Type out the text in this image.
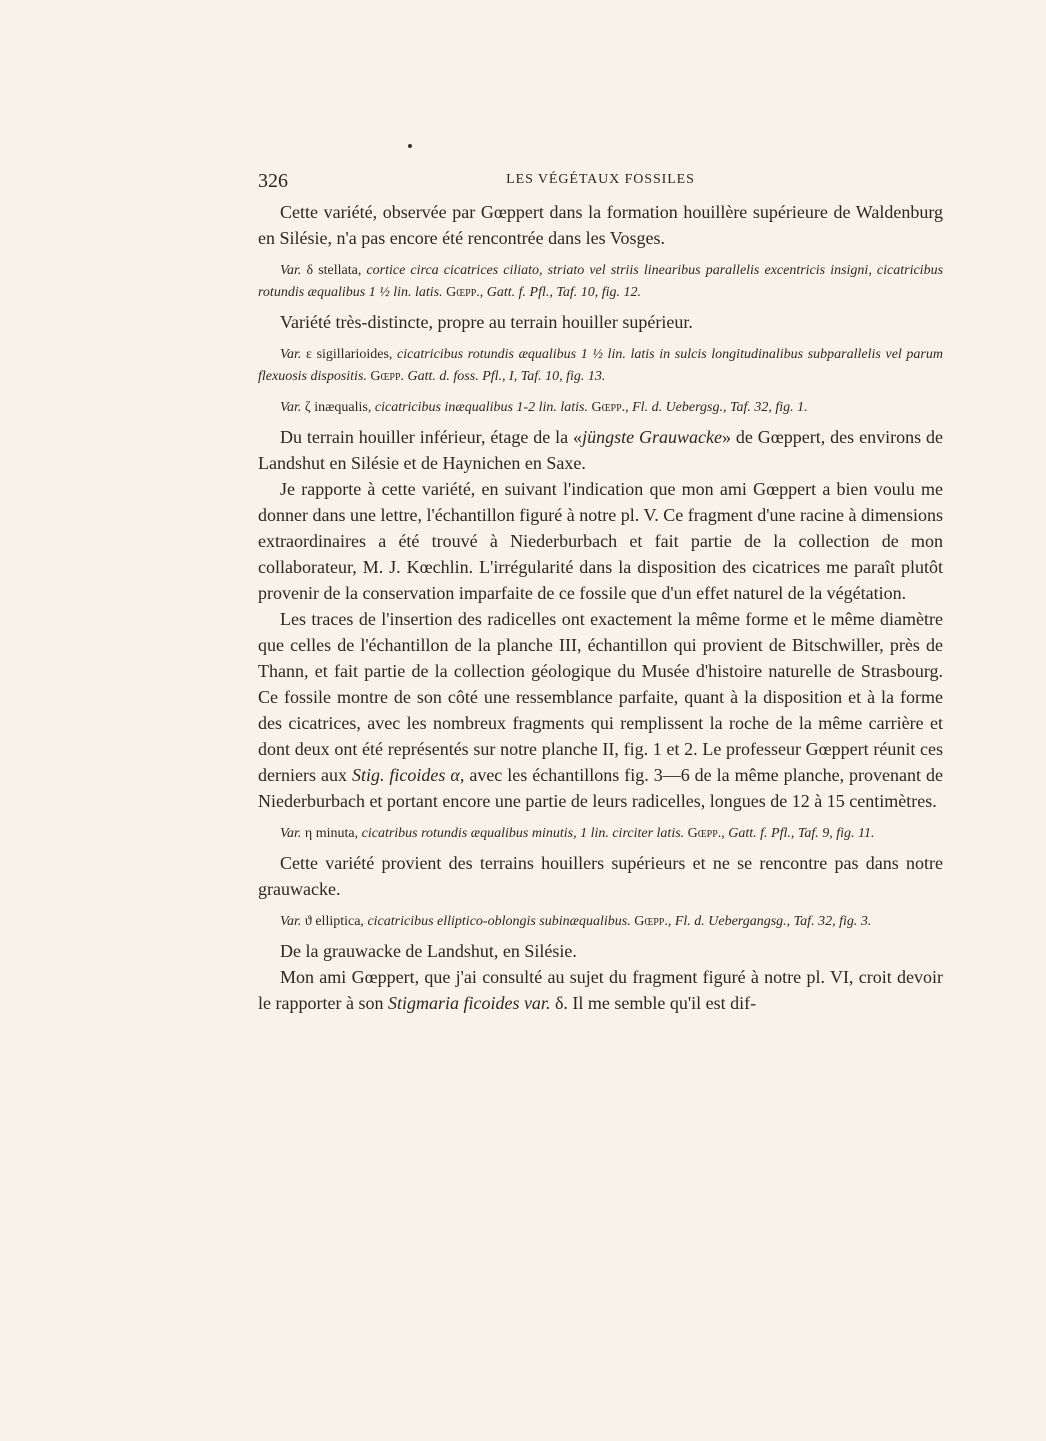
326	LES VÉGÉTAUX FOSSILES

Cette variété, observée par Gœppert dans la formation houillère supérieure de Waldenburg en Silésie, n'a pas encore été rencontrée dans les Vosges.

Var. δ stellata, cortice circa cicatrices ciliato, striato vel striis linearibus parallelis excentricis insigni, cicatricibus rotundis æqualibus 1 ½ lin. latis. Gœpp., Gatt. f. Pfl., Taf. 10, fig. 12.

Variété très-distincte, propre au terrain houiller supérieur.

Var. ε sigillarioides, cicatricibus rotundis æqualibus 1 ½ lin. latis in sulcis longitudinalibus subparallelis vel parum flexuosis dispositis. Gœpp. Gatt. d. foss. Pfl., I, Taf. 10, fig. 13.

Var. ζ inæqualis, cicatricibus inæqualibus 1-2 lin. latis. Gœpp., Fl. d. Uebergsg., Taf. 32, fig. 1.

Du terrain houiller inférieur, étage de la «jüngste Grauwacke» de Gœppert, des environs de Landshut en Silésie et de Haynichen en Saxe.

Je rapporte à cette variété, en suivant l'indication que mon ami Gœppert a bien voulu me donner dans une lettre, l'échantillon figuré à notre pl. V. Ce fragment d'une racine à dimensions extraordinaires a été trouvé à Niederburbach et fait partie de la collection de mon collaborateur, M. J. Kœchlin. L'irrégularité dans la disposition des cicatrices me paraît plutôt provenir de la conservation imparfaite de ce fossile que d'un effet naturel de la végétation.

Les traces de l'insertion des radicelles ont exactement la même forme et le même diamètre que celles de l'échantillon de la planche III, échantillon qui provient de Bitschwiller, près de Thann, et fait partie de la collection géologique du Musée d'histoire naturelle de Strasbourg. Ce fossile montre de son côté une ressemblance parfaite, quant à la disposition et à la forme des cicatrices, avec les nombreux fragments qui remplissent la roche de la même carrière et dont deux ont été représentés sur notre planche II, fig. 1 et 2. Le professeur Gœppert réunit ces derniers aux Stig. ficoides α, avec les échantillons fig. 3—6 de la même planche, provenant de Niederburbach et portant encore une partie de leurs radicelles, longues de 12 à 15 centimètres.

Var. η minuta, cicatribus rotundis æqualibus minutis, 1 lin. circiter latis. Gœpp., Gatt. f. Pfl., Taf. 9, fig. 11.

Cette variété provient des terrains houillers supérieurs et ne se rencontre pas dans notre grauwacke.

Var. ϑ elliptica, cicatricibus elliptico-oblongis subinæqualibus. Gœpp., Fl. d. Uebergangsg., Taf. 32, fig. 3.

De la grauwacke de Landshut, en Silésie.

Mon ami Gœppert, que j'ai consulté au sujet du fragment figuré à notre pl. VI, croit devoir le rapporter à son Stigmaria ficoides var. δ. Il me semble qu'il est dif-
